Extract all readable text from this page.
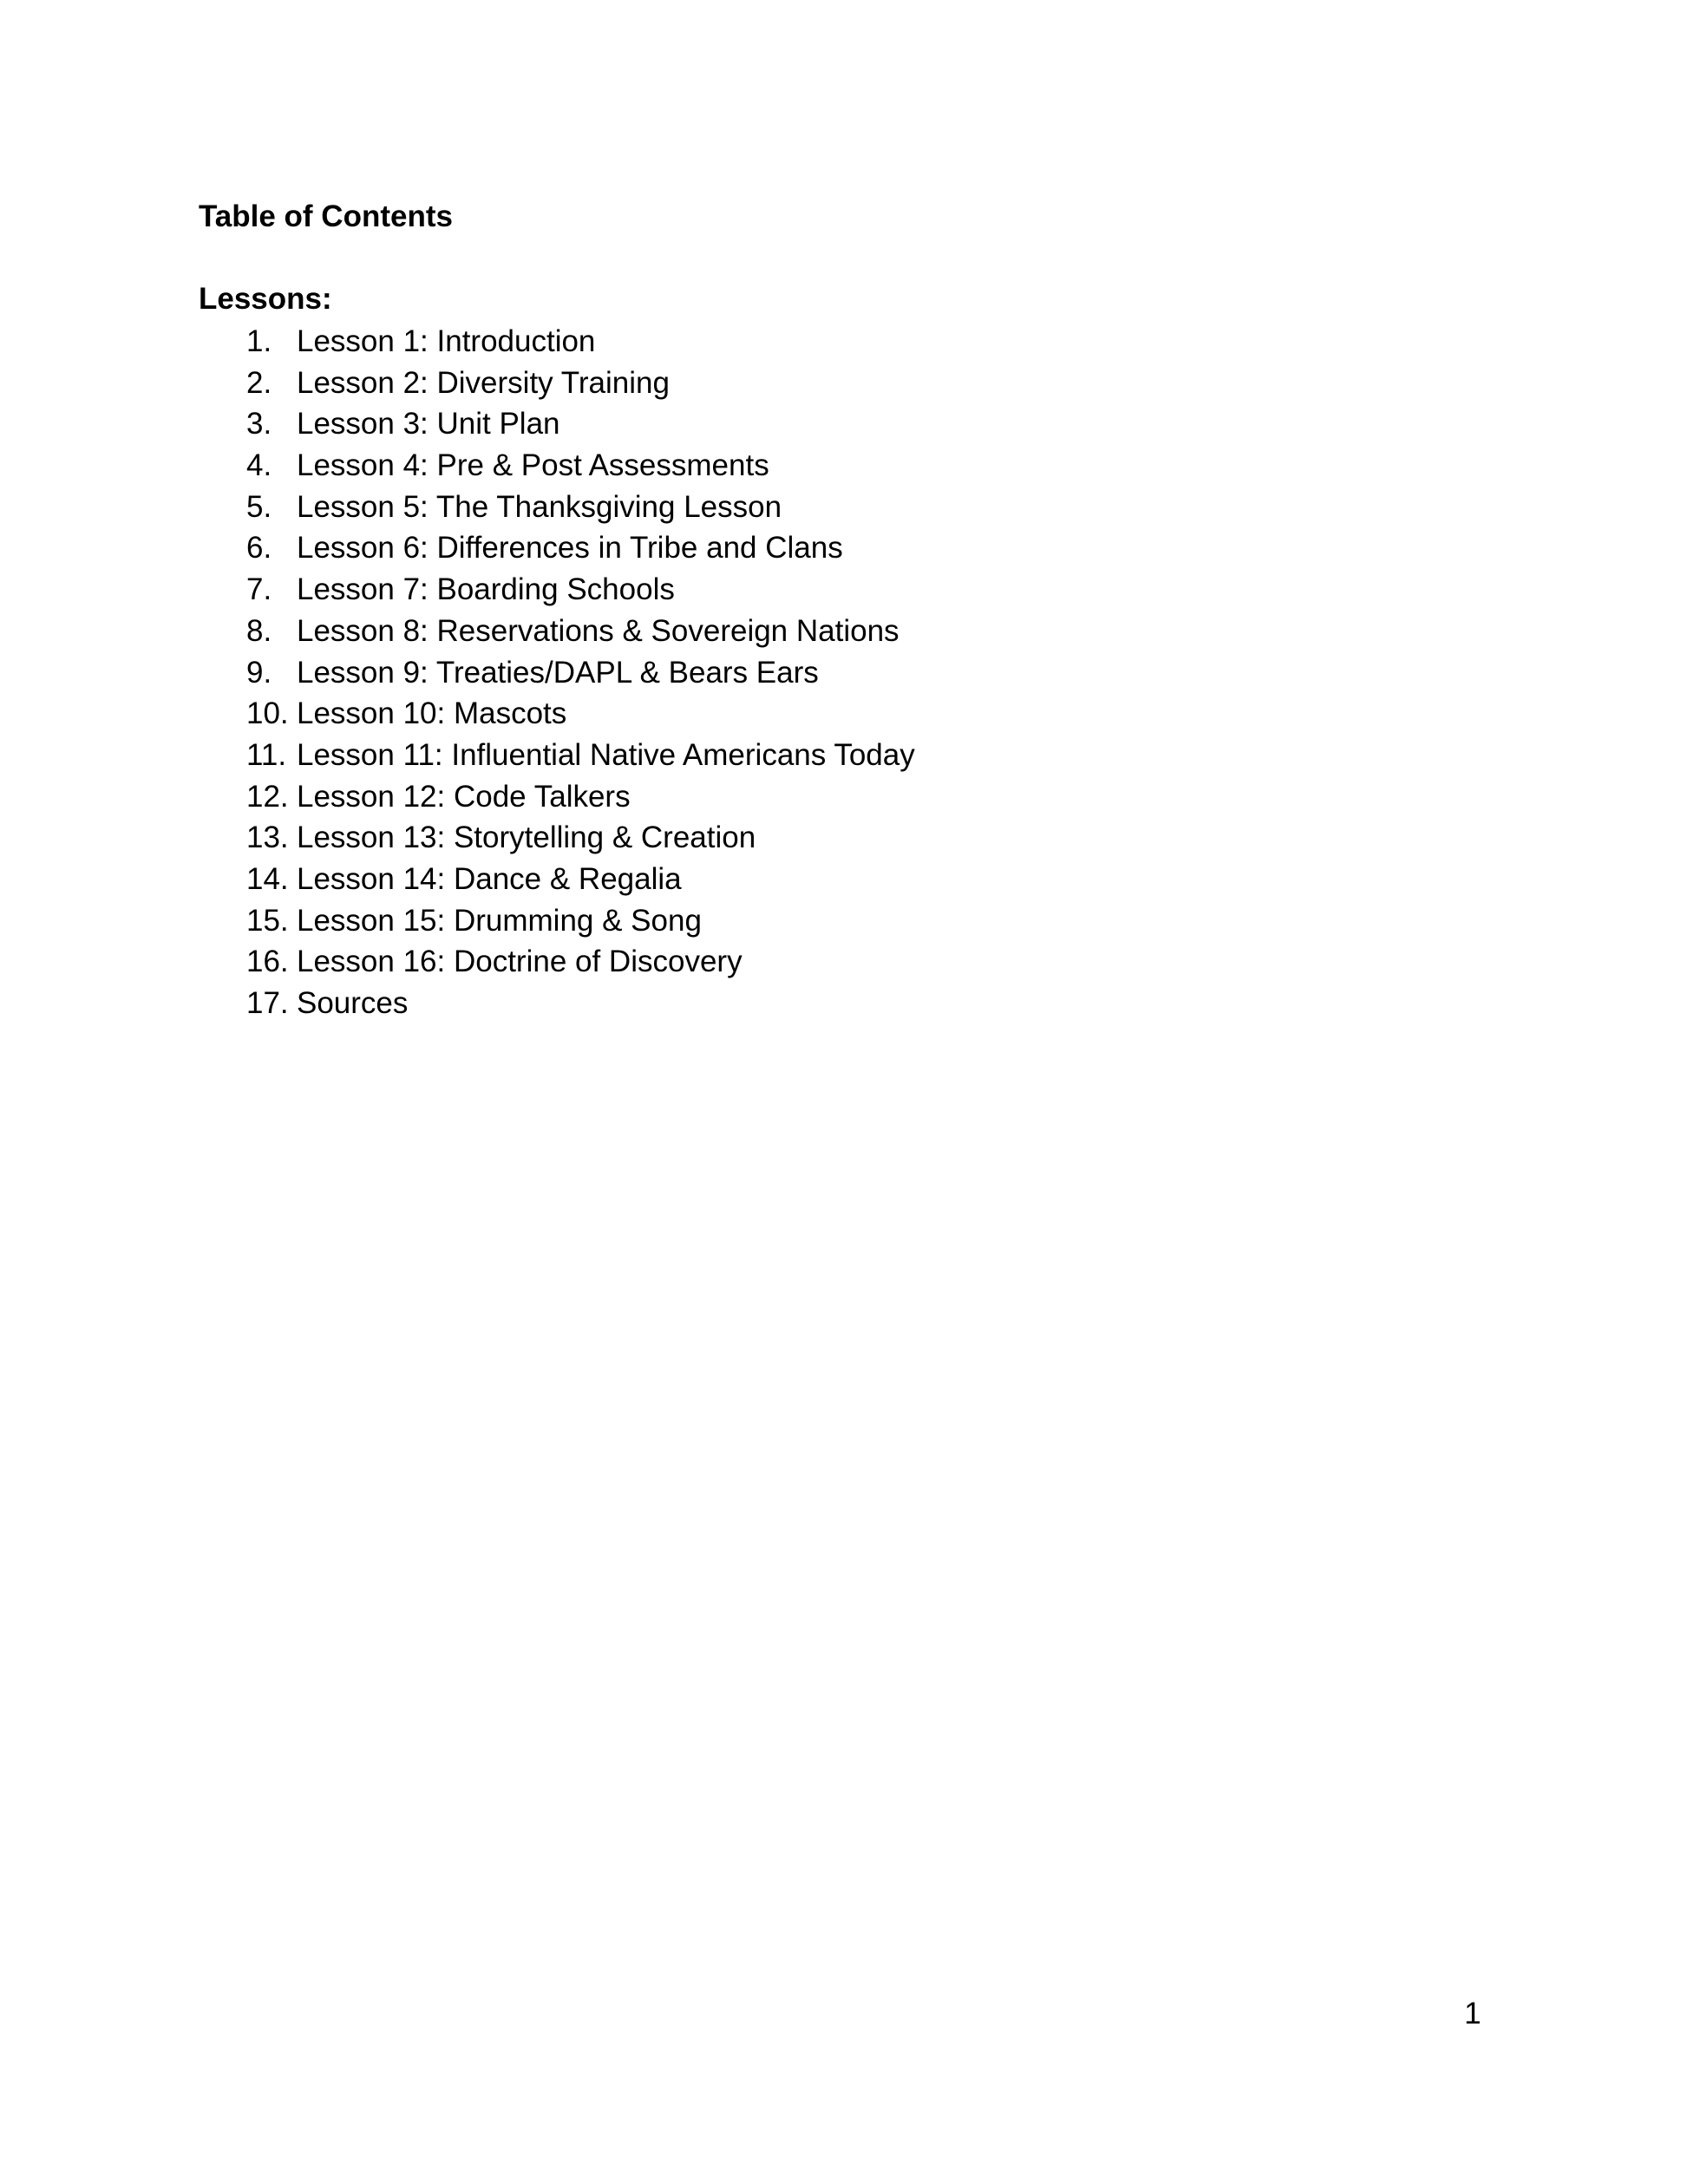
Table of Contents
Lessons:
1. Lesson 1: Introduction
2. Lesson 2: Diversity Training
3. Lesson 3: Unit Plan
4. Lesson 4: Pre & Post Assessments
5. Lesson 5: The Thanksgiving Lesson
6. Lesson 6: Differences in Tribe and Clans
7. Lesson 7: Boarding Schools
8. Lesson 8: Reservations & Sovereign Nations
9. Lesson 9: Treaties/DAPL & Bears Ears
10. Lesson 10: Mascots
11. Lesson 11: Influential Native Americans Today
12. Lesson 12: Code Talkers
13. Lesson 13: Storytelling & Creation
14. Lesson 14: Dance & Regalia
15. Lesson 15: Drumming & Song
16. Lesson 16: Doctrine of Discovery
17. Sources
1
